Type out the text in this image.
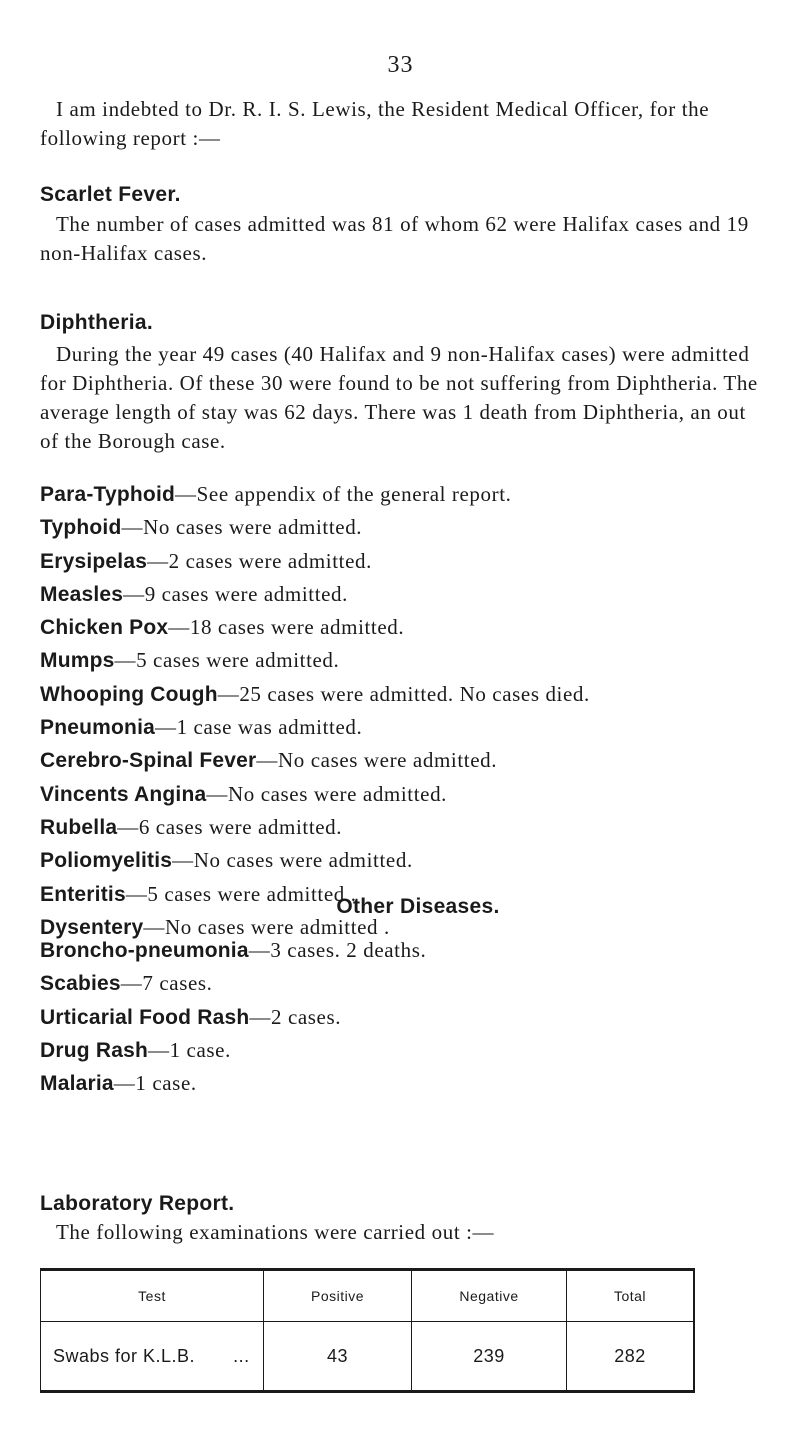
33

I am indebted to Dr. R. I. S. Lewis, the Resident Medical Officer, for the following report :—

Scarlet Fever.

The number of cases admitted was 81 of whom 62 were Halifax cases and 19 non-Halifax cases.

Diphtheria.

During the year 49 cases (40 Halifax and 9 non-Halifax cases) were admitted for Diphtheria. Of these 30 were found to be not suffering from Diphtheria. The average length of stay was 62 days. There was 1 death from Diphtheria, an out of the Borough case.

Para-Typhoid—See appendix of the general report.
Typhoid—No cases were admitted.
Erysipelas—2 cases were admitted.
Measles—9 cases were admitted.
Chicken Pox—18 cases were admitted.
Mumps—5 cases were admitted.
Whooping Cough—25 cases were admitted. No cases died.
Pneumonia—1 case was admitted.
Cerebro-Spinal Fever—No cases were admitted.
Vincents Angina—No cases were admitted.
Rubella—6 cases were admitted.
Poliomyelitis—No cases were admitted.
Enteritis—5 cases were admitted .
Dysentery—No cases were admitted .
Other Diseases.
Broncho-pneumonia—3 cases. 2 deaths.
Scabies—7 cases.
Urticarial Food Rash—2 cases.
Drug Rash—1 case.
Malaria—1 case.
Laboratory Report.

The following examinations were carried out :—

Test	Positive	Negative	Total
Swabs for K.L.B. ...	43	239	282
